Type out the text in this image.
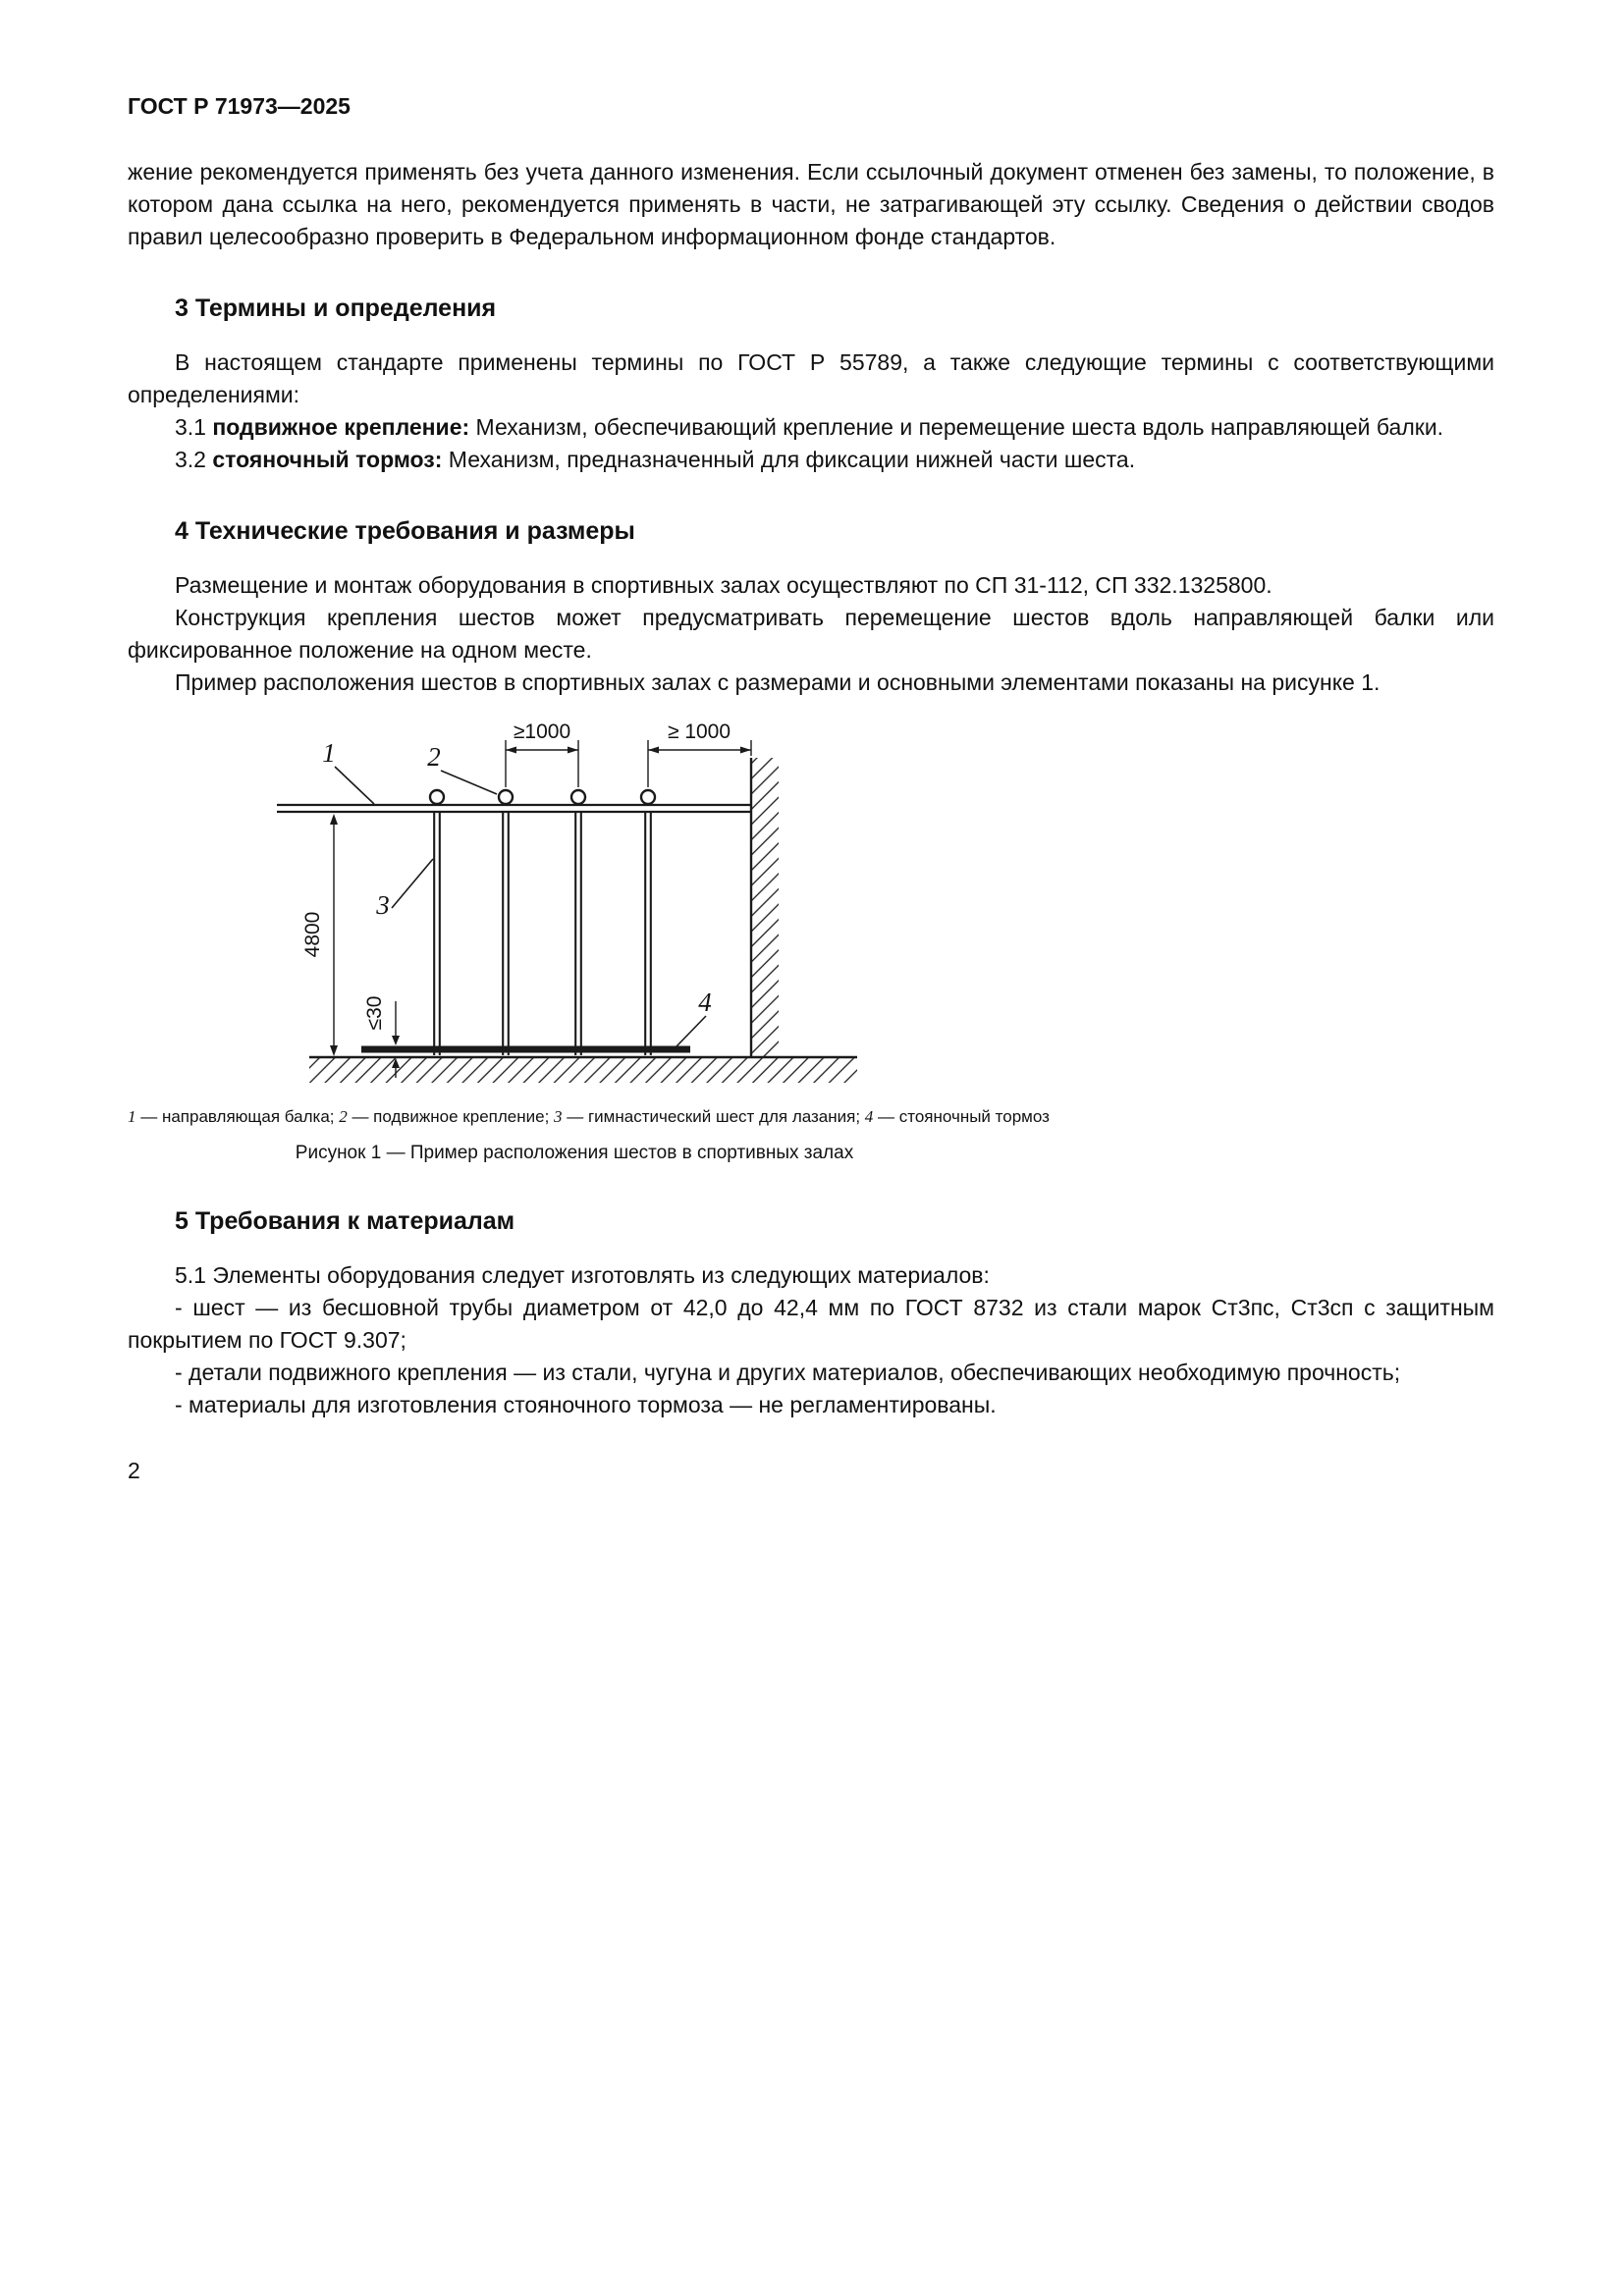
ГОСТ Р 71973—2025

жение рекомендуется применять без учета данного изменения. Если ссылочный документ отменен без замены, то положение, в котором дана ссылка на него, рекомендуется применять в части, не затрагивающей эту ссылку. Сведения о действии сводов правил целесообразно проверить в Федеральном информационном фонде стандартов.

3 Термины и определения

В настоящем стандарте применены термины по ГОСТ Р 55789, а также следующие термины с соответствующими определениями:

3.1 подвижное крепление: Механизм, обеспечивающий крепление и перемещение шеста вдоль направляющей балки.

3.2 стояночный тормоз: Механизм, предназначенный для фиксации нижней части шеста.

4 Технические требования и размеры

Размещение и монтаж оборудования в спортивных залах осуществляют по СП 31-112, СП 332.1325800.

Конструкция крепления шестов может предусматривать перемещение шестов вдоль направляющей балки или фиксированное положение на одном месте.

Пример расположения шестов в спортивных залах с размерами и основными элементами показаны на рисунке 1.

≥1000	≥ 1000
4800
≤30
1	2
3
4
1 — направляющая балка; 2 — подвижное крепление; 3 — гимнастический шест для лазания; 4 — стояночный тормоз
Рисунок 1 — Пример расположения шестов в спортивных залах
5 Требования к материалам

5.1 Элементы оборудования следует изготовлять из следующих материалов:

- шест — из бесшовной трубы диаметром от 42,0 до 42,4 мм по ГОСТ 8732 из стали марок Ст3пс, Ст3сп с защитным покрытием по ГОСТ 9.307;

- детали подвижного крепления — из стали, чугуна и других материалов, обеспечивающих необходимую прочность;

- материалы для изготовления стояночного тормоза — не регламентированы.

2
